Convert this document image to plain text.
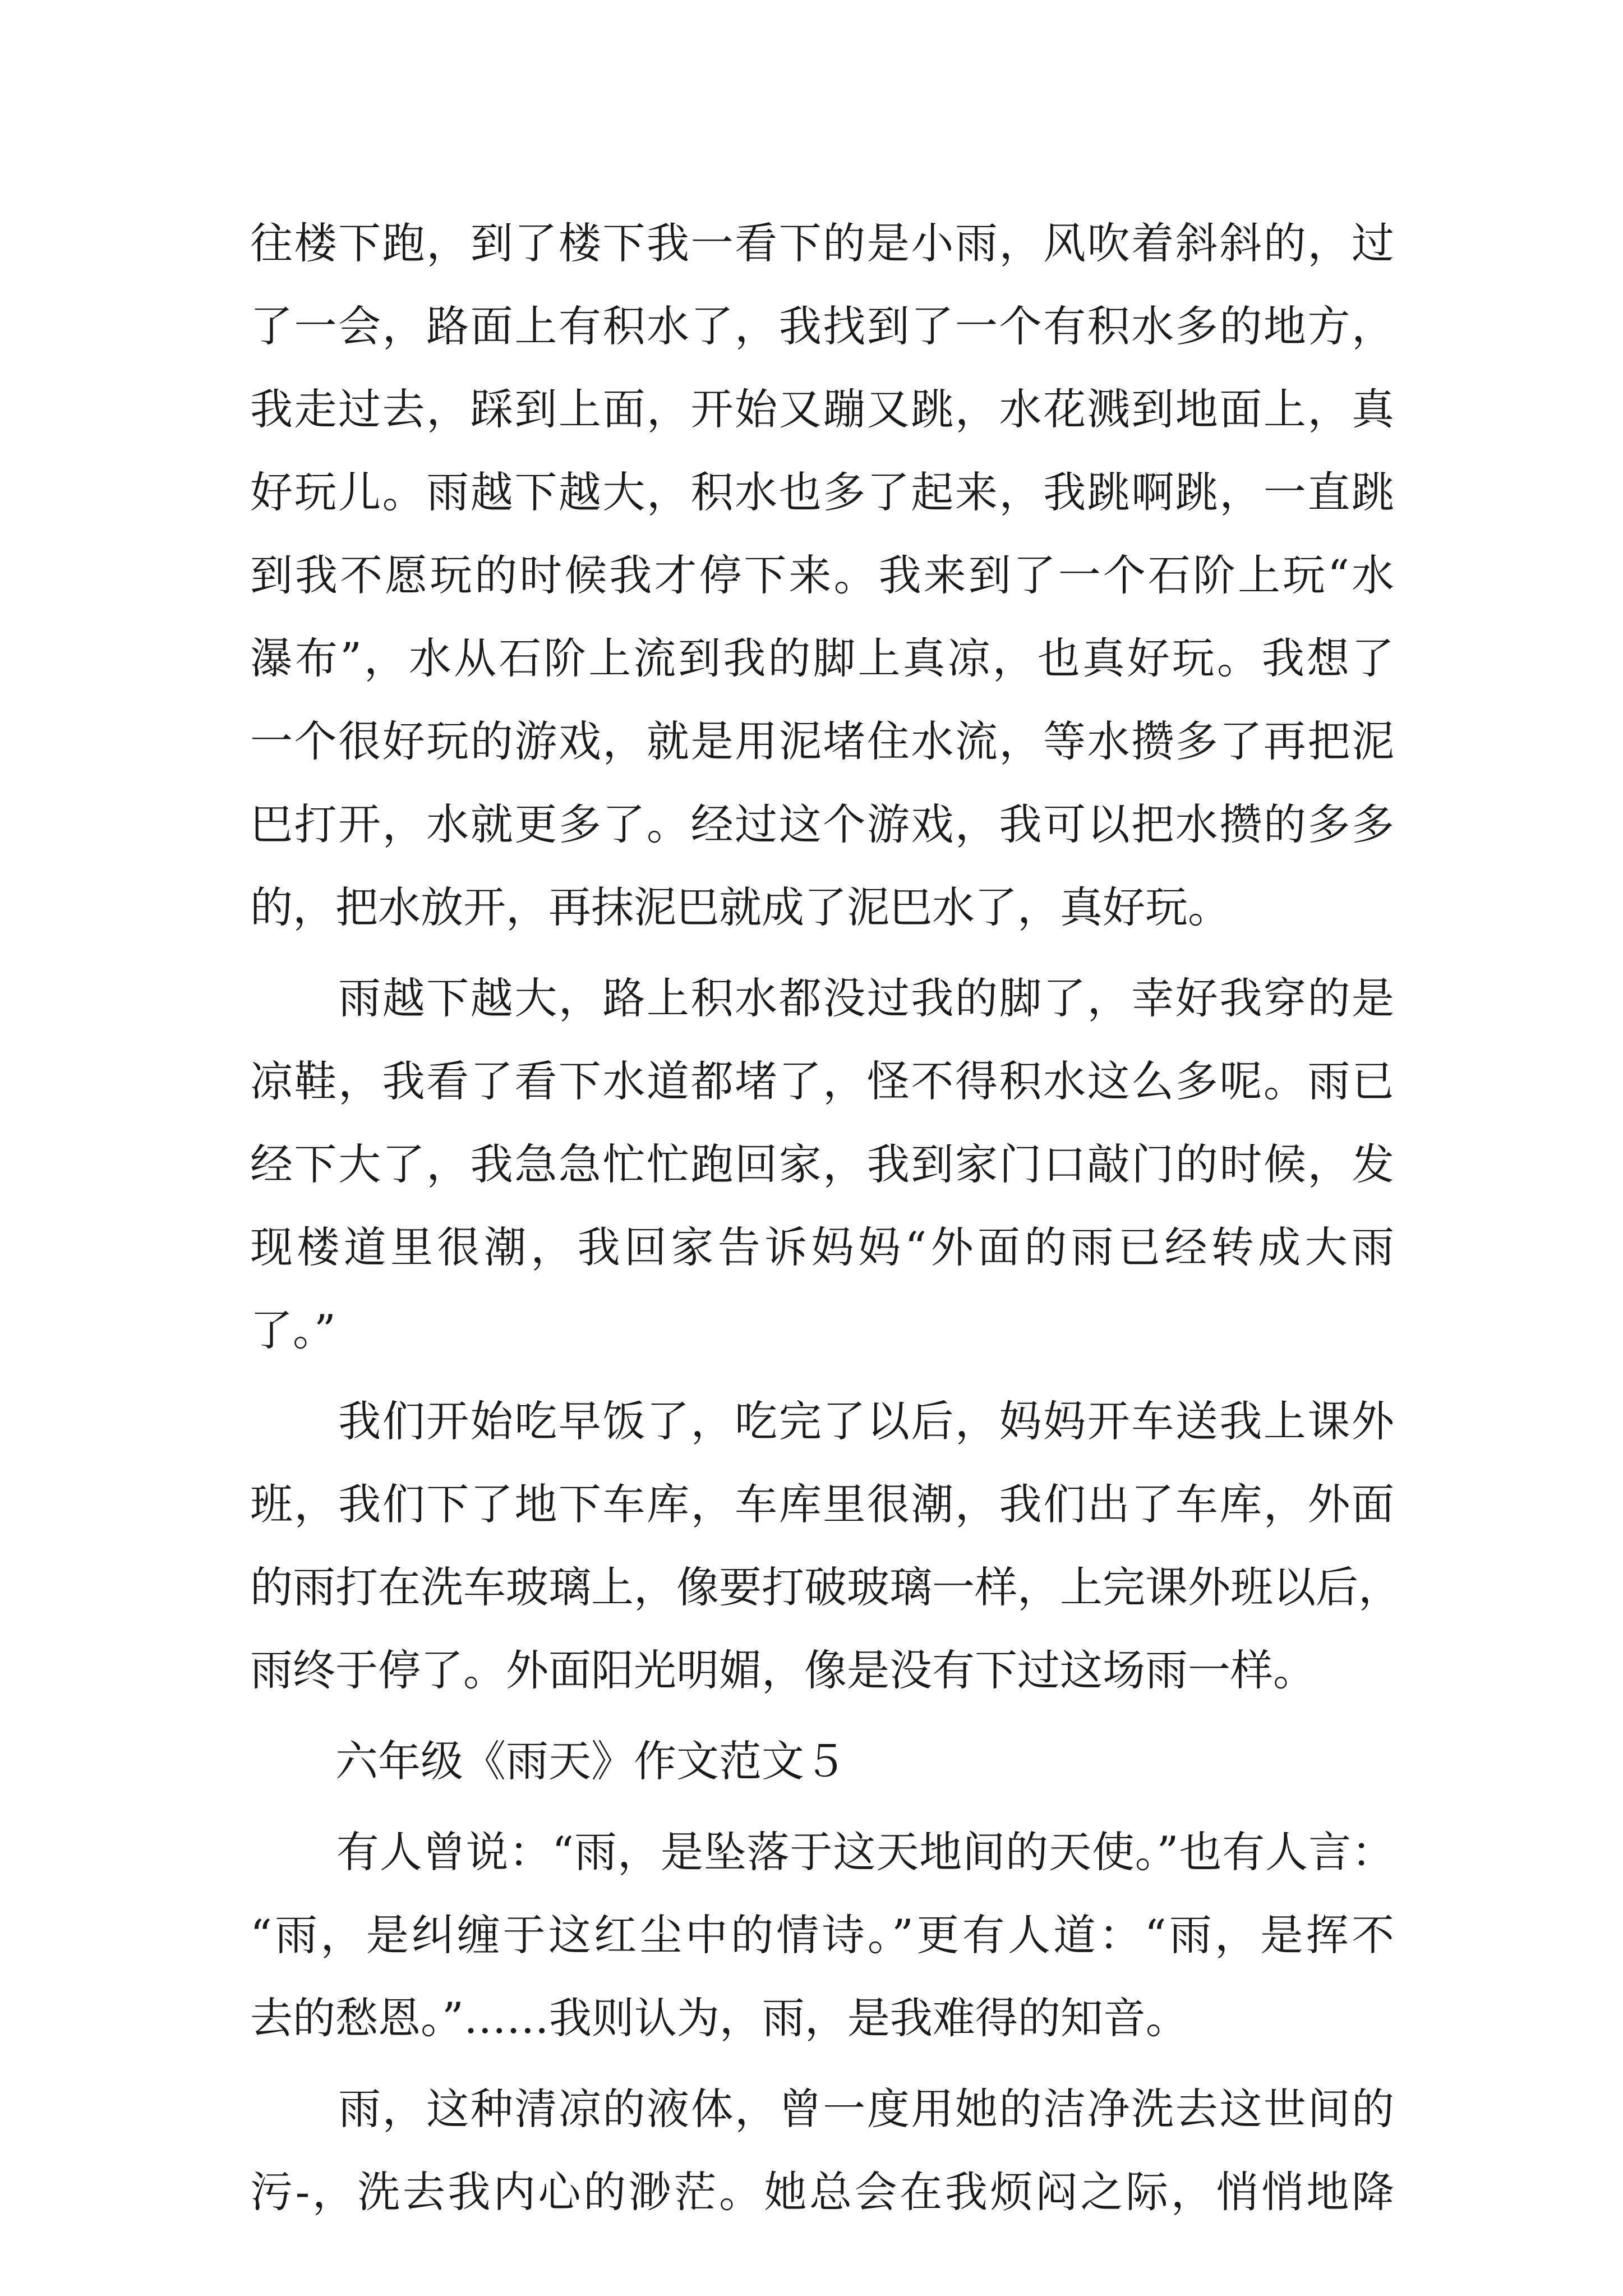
往楼下跑，到了楼下我一看下的是小雨，风吹着斜斜的，过
了一会，路面上有积水了，我找到了一个有积水多的地方，
我走过去，踩到上面，开始又蹦又跳，水花溅到地面上，真
好玩儿。雨越下越大，积水也多了起来，我跳啊跳，一直跳
到我不愿玩的时候我才停下来。我来到了一个石阶上玩“水
瀑布”，水从石阶上流到我的脚上真凉，也真好玩。我想了
一个很好玩的游戏，就是用泥堵住水流，等水攒多了再把泥
巴打开，水就更多了。经过这个游戏，我可以把水攒的多多
的，把水放开，再抹泥巴就成了泥巴水了，真好玩。
　　雨越下越大，路上积水都没过我的脚了，幸好我穿的是
凉鞋，我看了看下水道都堵了，怪不得积水这么多呢。雨已
经下大了，我急急忙忙跑回家，我到家门口敲门的时候，发
现楼道里很潮，我回家告诉妈妈“外面的雨已经转成大雨
了。”
　　我们开始吃早饭了，吃完了以后，妈妈开车送我上课外
班，我们下了地下车库，车库里很潮，我们出了车库，外面
的雨打在洗车玻璃上，像要打破玻璃一样，上完课外班以后，
雨终于停了。外面阳光明媚，像是没有下过这场雨一样。
　　六年级《雨天》作文范文５
　　有人曾说：“雨，是坠落于这天地间的天使。”也有人言：
“雨，是纠缠于这红尘中的情诗。”更有人道：“雨，是挥不
去的愁恩。”……我则认为，雨，是我难得的知音。
　　雨，这种清凉的液体，曾一度用她的洁净洗去这世间的
污-，洗去我内心的渺茫。她总会在我烦闷之际，悄悄地降
